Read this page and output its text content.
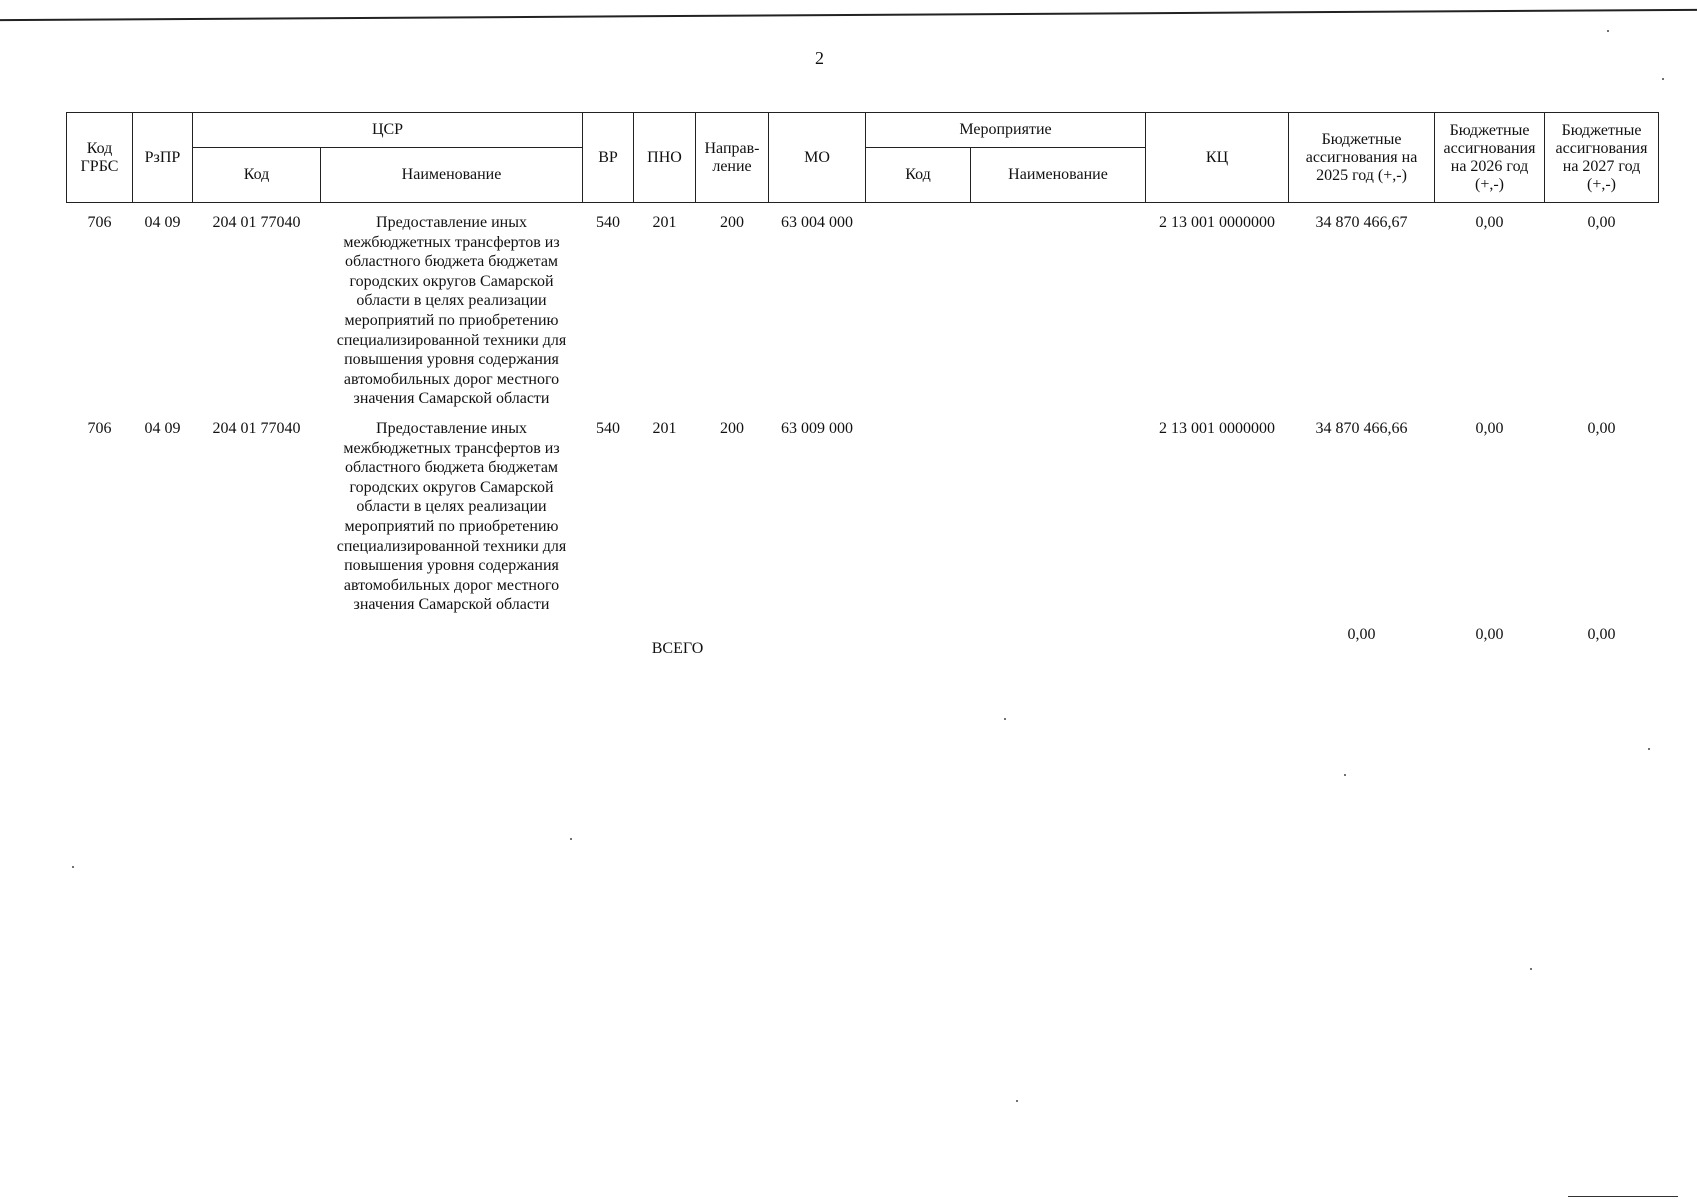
2
Код ГРБС	РзПР	ЦСР		ВР	ПНО	Направ-ление	МО	Мероприятие		КЦ	Бюджетные ассигнования на 2025 год (+,-)	Бюджетные ассигнования на 2026 год (+,-)	Бюджетные ассигнования на 2027 год (+,-)
		Код	Наименование					Код	Наименование				
706	04 09	204 01 77040	Предоставление иных межбюджетных трансфертов из областного бюджета бюджетам городских округов Самарской области в целях реализации мероприятий по приобретению специализированной техники для повышения уровня содержания автомобильных дорог местного значения Самарской области	540	201	200	63 004 000			2 13 001 0000000	34 870 466,67	0,00	0,00
706	04 09	204 01 77040	Предоставление иных межбюджетных трансфертов из областного бюджета бюджетам городских округов Самарской области в целях реализации мероприятий по приобретению специализированной техники для повышения уровня содержания автомобильных дорог местного значения Самарской области	540	201	200	63 009 000			2 13 001 0000000	34 870 466,66	0,00	0,00
ВСЕГО											0,00	0,00	0,00
